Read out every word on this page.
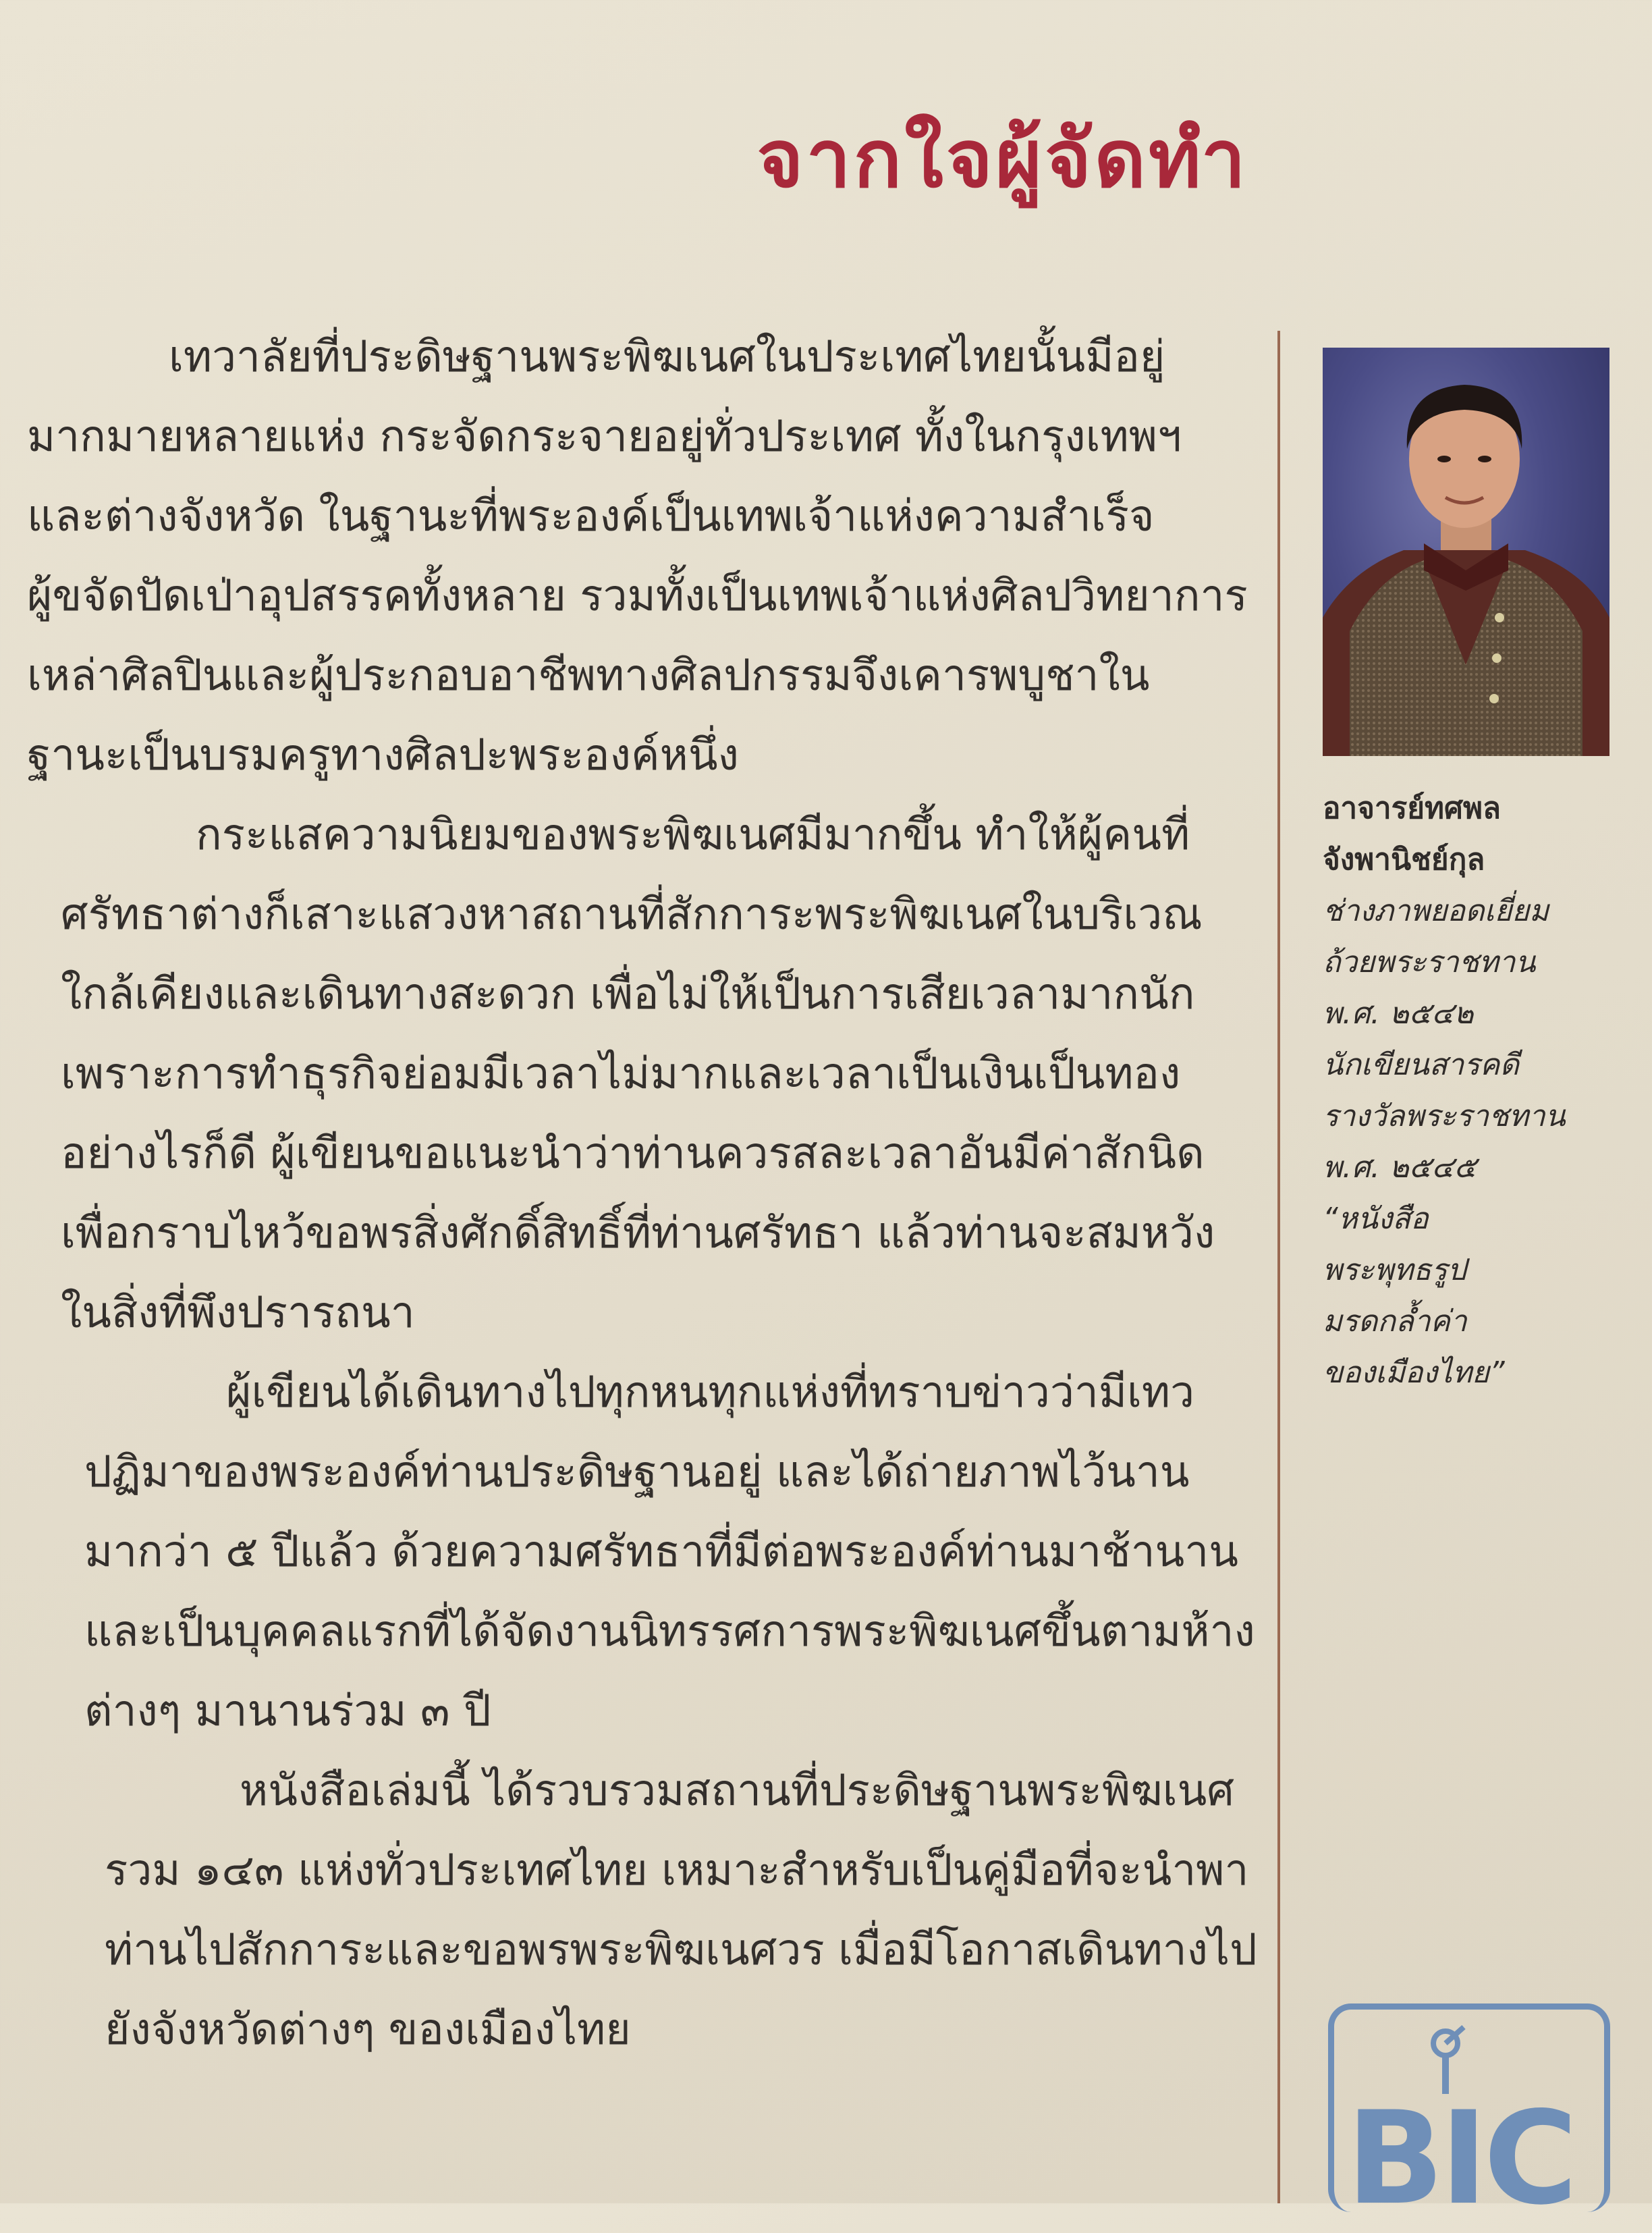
จากใจผู้จัดทำ

เทวาลัยที่ประดิษฐานพระพิฆเนศในประเทศไทยนั้นมีอยู่

มากมายหลายแห่ง กระจัดกระจายอยู่ทั่วประเทศ ทั้งในกรุงเทพฯ

และต่างจังหวัด ในฐานะที่พระองค์เป็นเทพเจ้าแห่งความสำเร็จ

ผู้ขจัดปัดเป่าอุปสรรคทั้งหลาย รวมทั้งเป็นเทพเจ้าแห่งศิลปวิทยาการ

เหล่าศิลปินและผู้ประกอบอาชีพทางศิลปกรรมจึงเคารพบูชาใน

ฐานะเป็นบรมครูทางศิลปะพระองค์หนึ่ง

กระแสความนิยมของพระพิฆเนศมีมากขึ้น ทำให้ผู้คนที่

ศรัทธาต่างก็เสาะแสวงหาสถานที่สักการะพระพิฆเนศในบริเวณ

ใกล้เคียงและเดินทางสะดวก เพื่อไม่ให้เป็นการเสียเวลามากนัก

เพราะการทำธุรกิจย่อมมีเวลาไม่มากและเวลาเป็นเงินเป็นทอง

อย่างไรก็ดี ผู้เขียนขอแนะนำว่าท่านควรสละเวลาอันมีค่าสักนิด

เพื่อกราบไหว้ขอพรสิ่งศักดิ์สิทธิ์ที่ท่านศรัทธา แล้วท่านจะสมหวัง

ในสิ่งที่พึงปรารถนา

ผู้เขียนได้เดินทางไปทุกหนทุกแห่งที่ทราบข่าวว่ามีเทว

ปฏิมาของพระองค์ท่านประดิษฐานอยู่ และได้ถ่ายภาพไว้นาน

มากว่า ๕ ปีแล้ว ด้วยความศรัทธาที่มีต่อพระองค์ท่านมาช้านาน

และเป็นบุคคลแรกที่ได้จัดงานนิทรรศการพระพิฆเนศขึ้นตามห้าง

ต่างๆ มานานร่วม ๓ ปี

หนังสือเล่มนี้ ได้รวบรวมสถานที่ประดิษฐานพระพิฆเนศ

รวม ๑๔๓ แห่งทั่วประเทศไทย เหมาะสำหรับเป็นคู่มือที่จะนำพา

ท่านไปสักการะและขอพรพระพิฆเนศวร เมื่อมีโอกาสเดินทางไป

ยังจังหวัดต่างๆ ของเมืองไทย

อาจารย์ทศพล
จังพานิชย์กุล
ช่างภาพยอดเยี่ยม
ถ้วยพระราชทาน
พ.ศ. ๒๕๔๒
นักเขียนสารคดี
รางวัลพระราชทาน
พ.ศ. ๒๕๔๕
“หนังสือ
พระพุทธรูป
มรดกล้ำค่า
ของเมืองไทย”
BIC
